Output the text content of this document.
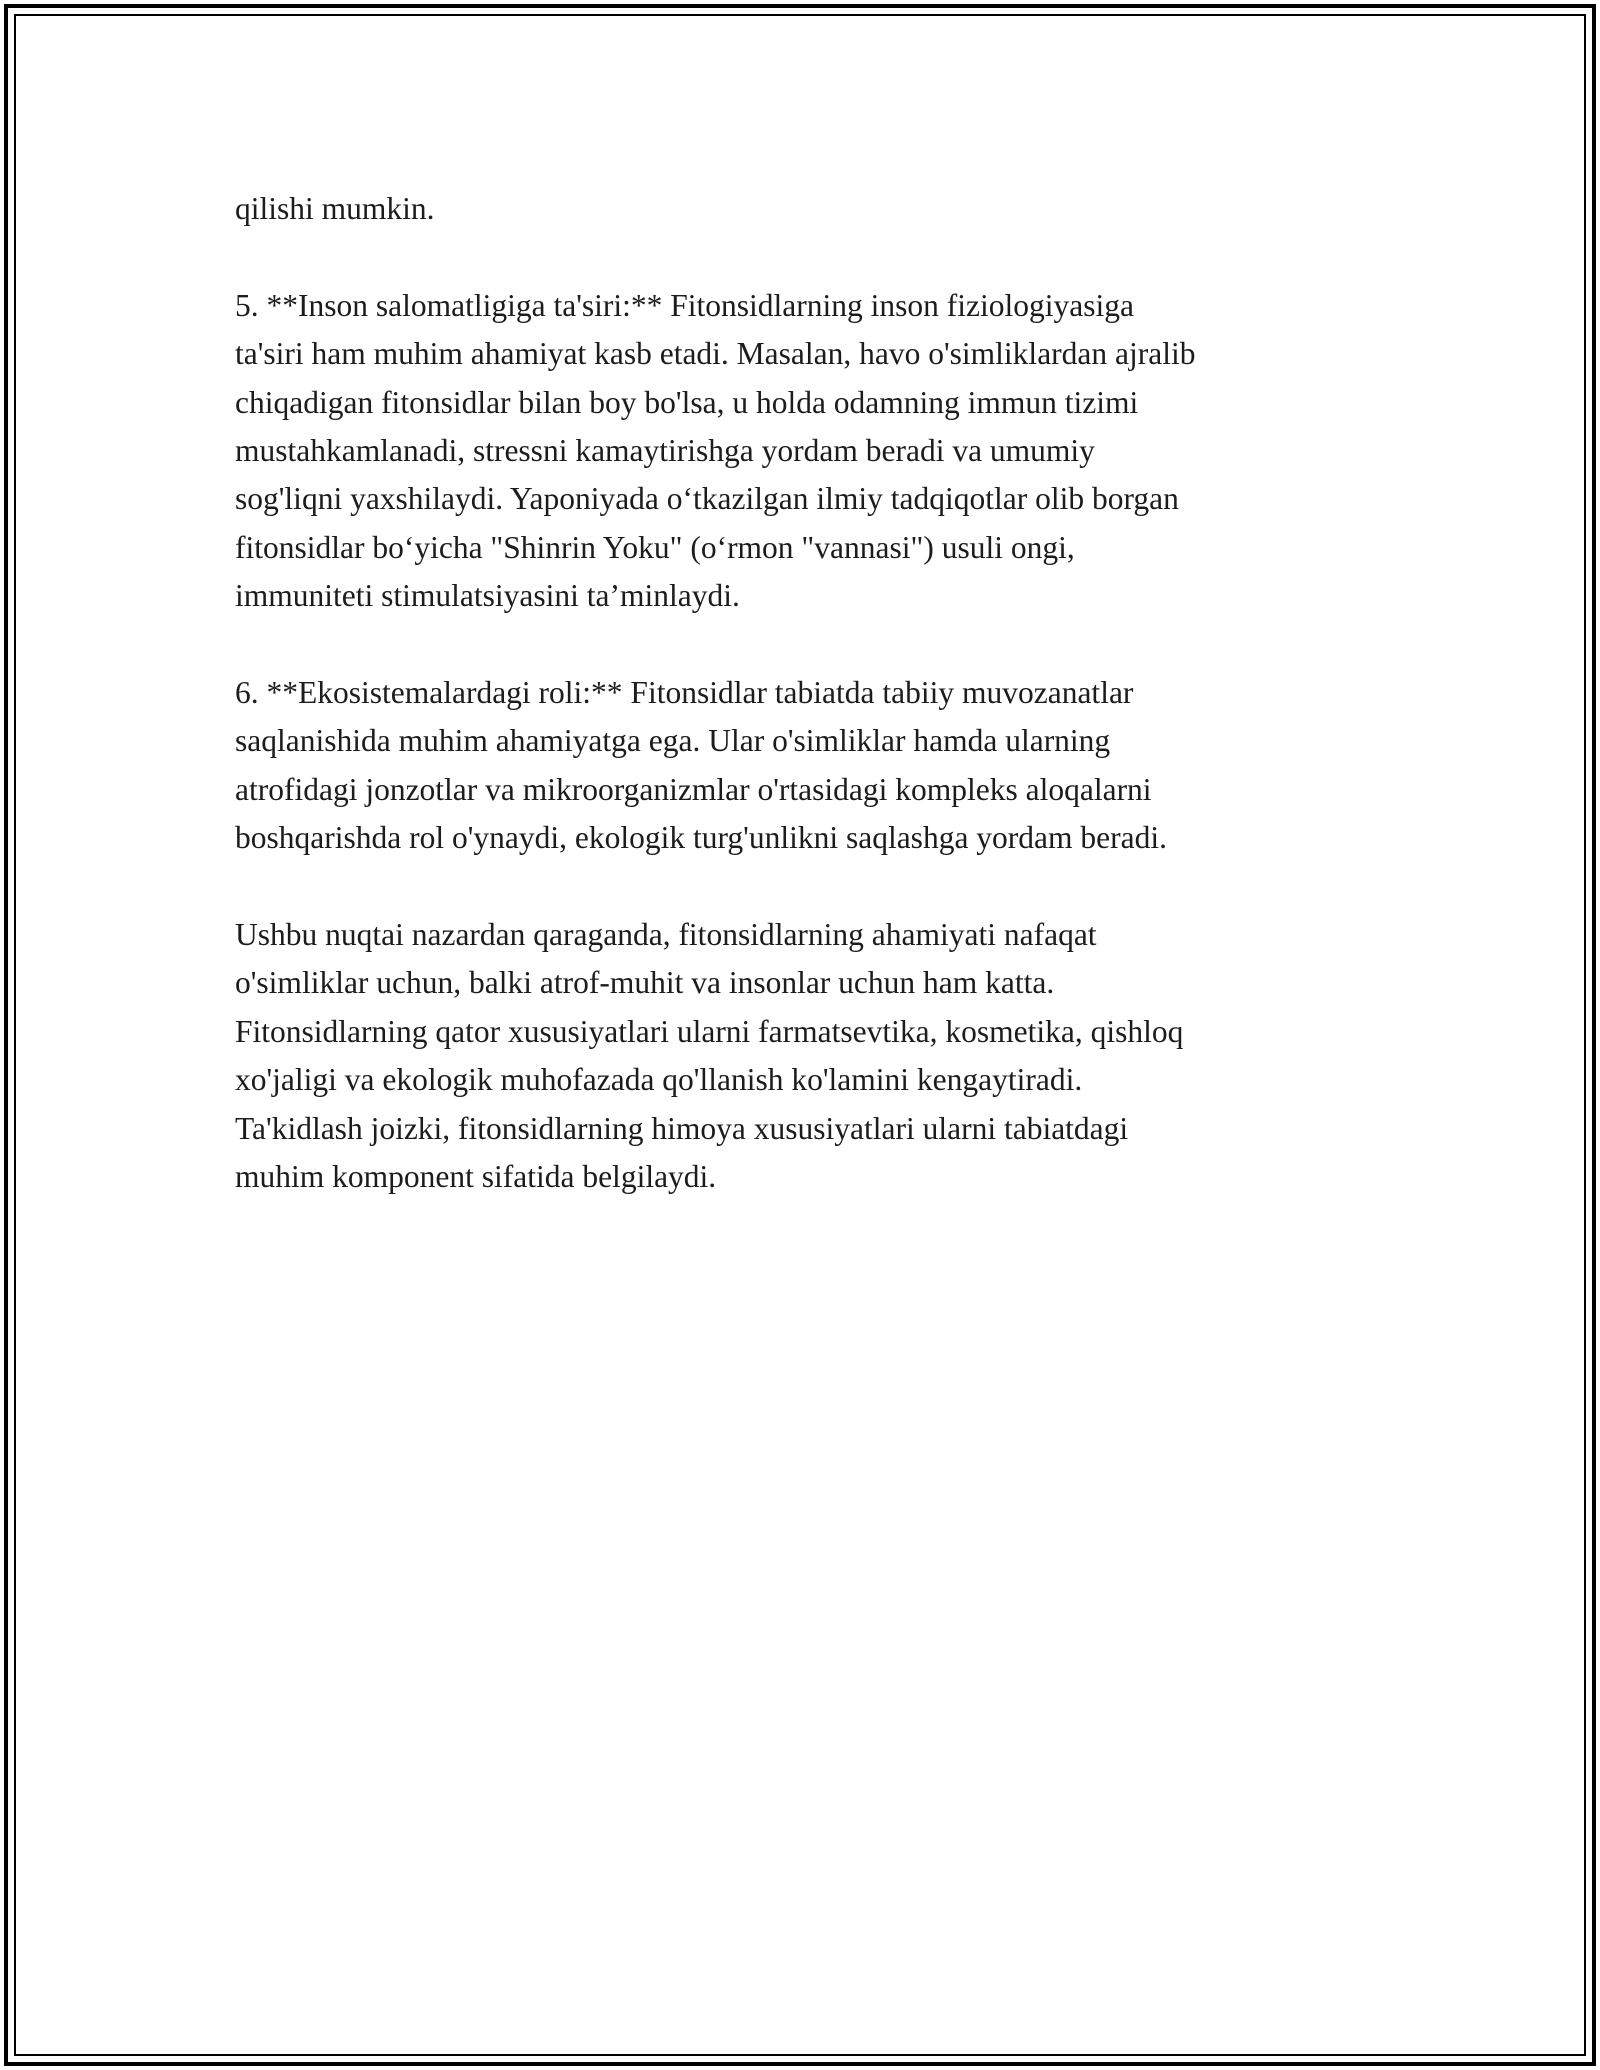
qilishi mumkin.
5. **Inson salomatligiga ta'siri:** Fitonsidlarning inson fiziologiyasiga
ta'siri ham muhim ahamiyat kasb etadi. Masalan, havo o'simliklardan ajralib
chiqadigan fitonsidlar bilan boy bo'lsa, u holda odamning immun tizimi
mustahkamlanadi, stressni kamaytirishga yordam beradi va umumiy
sog'liqni yaxshilaydi. Yaponiyada o‘tkazilgan ilmiy tadqiqotlar olib borgan
fitonsidlar bo‘yicha "Shinrin Yoku" (o‘rmon "vannasi") usuli ongi,
immuniteti stimulatsiyasini ta’minlaydi.
6. **Ekosistemalardagi roli:** Fitonsidlar tabiatda tabiiy muvozanatlar
saqlanishida muhim ahamiyatga ega. Ular o'simliklar hamda ularning
atrofidagi jonzotlar va mikroorganizmlar o'rtasidagi kompleks aloqalarni
boshqarishda rol o'ynaydi, ekologik turg'unlikni saqlashga yordam beradi.
Ushbu nuqtai nazardan qaraganda, fitonsidlarning ahamiyati nafaqat
o'simliklar uchun, balki atrof-muhit va insonlar uchun ham katta.
Fitonsidlarning qator xususiyatlari ularni farmatsevtika, kosmetika, qishloq
xo'jaligi va ekologik muhofazada qo'llanish ko'lamini kengaytiradi.
Ta'kidlash joizki, fitonsidlarning himoya xususiyatlari ularni tabiatdagi
muhim komponent sifatida belgilaydi.
